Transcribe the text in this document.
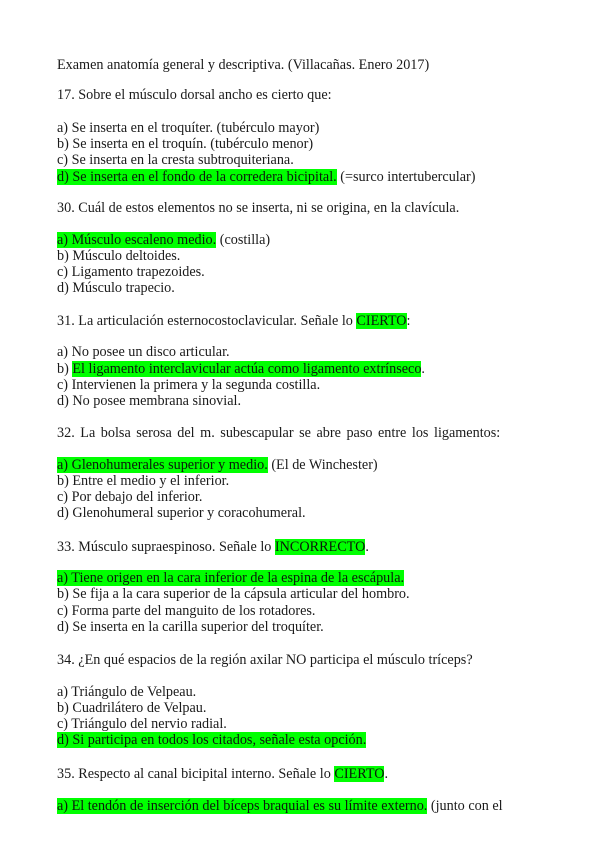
Examen anatomía general y descriptiva. (Villacañas. Enero 2017)
17. Sobre el músculo dorsal ancho es cierto que:
a) Se inserta en el troquíter. (tubérculo mayor)
b) Se inserta en el troquín. (tubérculo menor)
c) Se inserta en la cresta subtroquiteriana.
d) Se inserta en el fondo de la corredera bicipital. (=surco intertubercular)
30. Cuál de estos elementos no se inserta, ni se origina, en la clavícula.
a) Músculo escaleno medio. (costilla)
b) Músculo deltoides.
c) Ligamento trapezoides.
d) Músculo trapecio.
31. La articulación esternocostoclavicular. Señale lo CIERTO:
a) No posee un disco articular.
b) El ligamento interclavicular actúa como ligamento extrínseco.
c) Intervienen la primera y la segunda costilla.
d) No posee membrana sinovial.
32. La bolsa serosa del m. subescapular se abre paso entre los ligamentos:
a) Glenohumerales superior y medio. (El de Winchester)
b) Entre el medio y el inferior.
c) Por debajo del inferior.
d) Glenohumeral superior y coracohumeral.
33. Músculo supraespinoso. Señale lo INCORRECTO.
a) Tiene origen en la cara inferior de la espina de la escápula.
b) Se fija a la cara superior de la cápsula articular del hombro.
c) Forma parte del manguito de los rotadores.
d) Se inserta en la carilla superior del troquíter.
34. ¿En qué espacios de la región axilar NO participa el músculo tríceps?
a) Triángulo de Velpeau.
b) Cuadrilátero de Velpau.
c) Triángulo del nervio radial.
d) Si participa en todos los citados, señale esta opción.
35. Respecto al canal bicipital interno. Señale lo CIERTO.
a) El tendón de inserción del bíceps braquial es su límite externo. (junto con el
